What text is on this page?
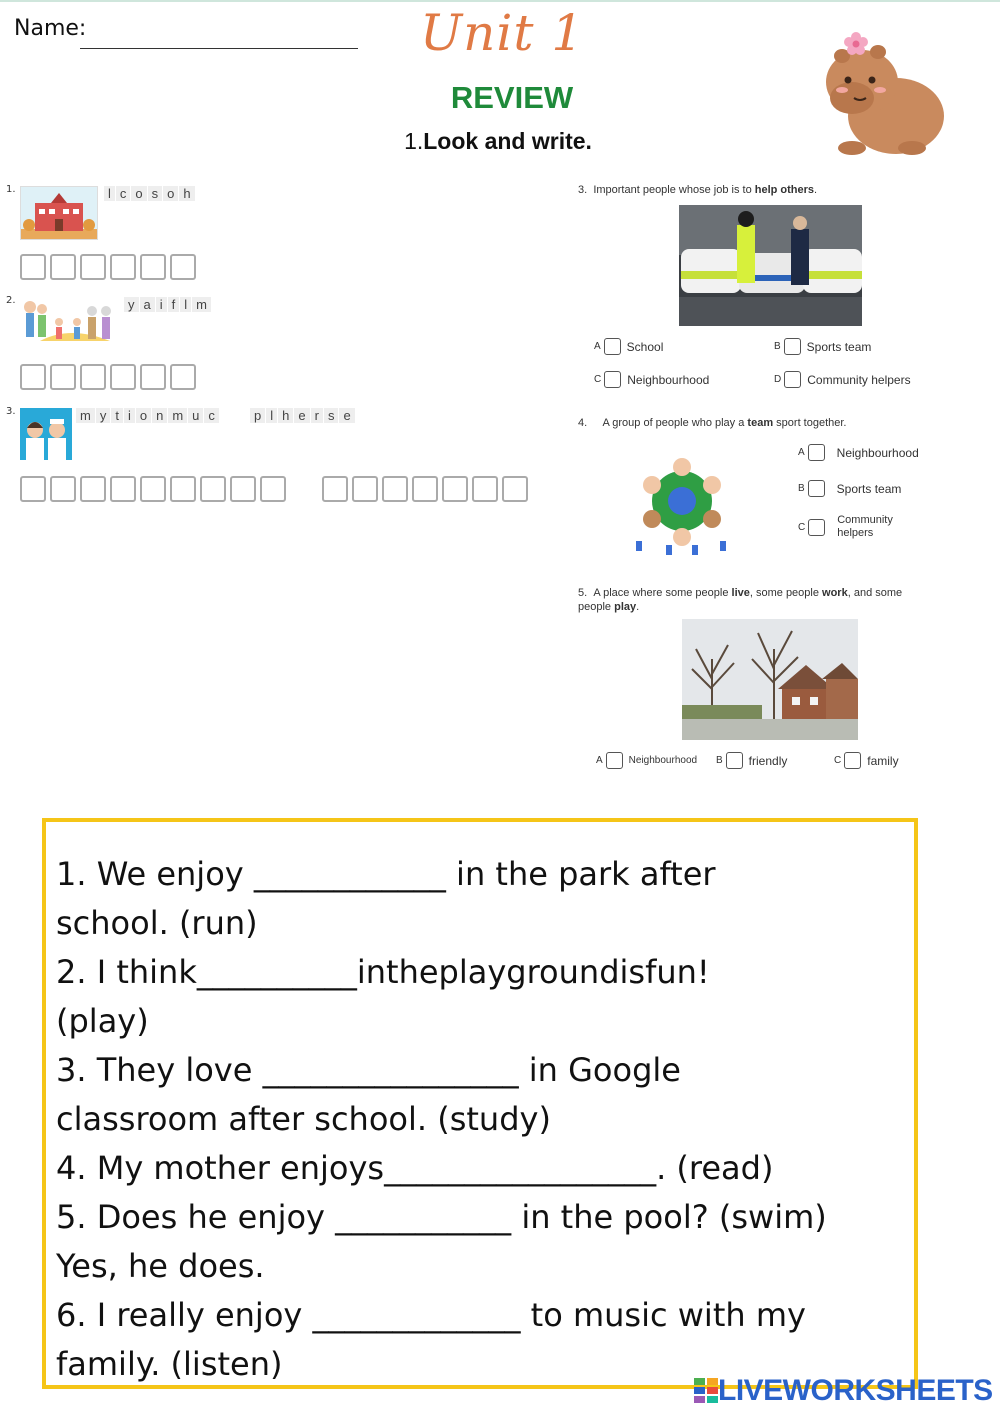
Name:	Unit 1
REVIEW
1.Look and write.
1.	l c o s o h
2.	y a i f l m
3.	m y t i o n m u c	p l h e r s e
3. Important people whose job is to help others.
A School	B Sports team
C Neighbourhood	D Community helpers
4. A group of people who play a team sport together.
A	Neighbourhood
B	Sports team
C
Community helpers
5. A place where some people live, some people work, and some people play.
A	Neighbourhood B friendly	C family

1. We enjoy ____________ in the park after

school. (run)

2. I think__________intheplaygroundisfun!

(play)

3. They love ________________ in Google

classroom after school. (study)

4. My mother enjoys_________________. (read)

5. Does he enjoy ___________ in the pool? (swim)

Yes, he does.

6. I really enjoy _____________ to music with my

family. (listen)

LIVEWORKSHEETS
